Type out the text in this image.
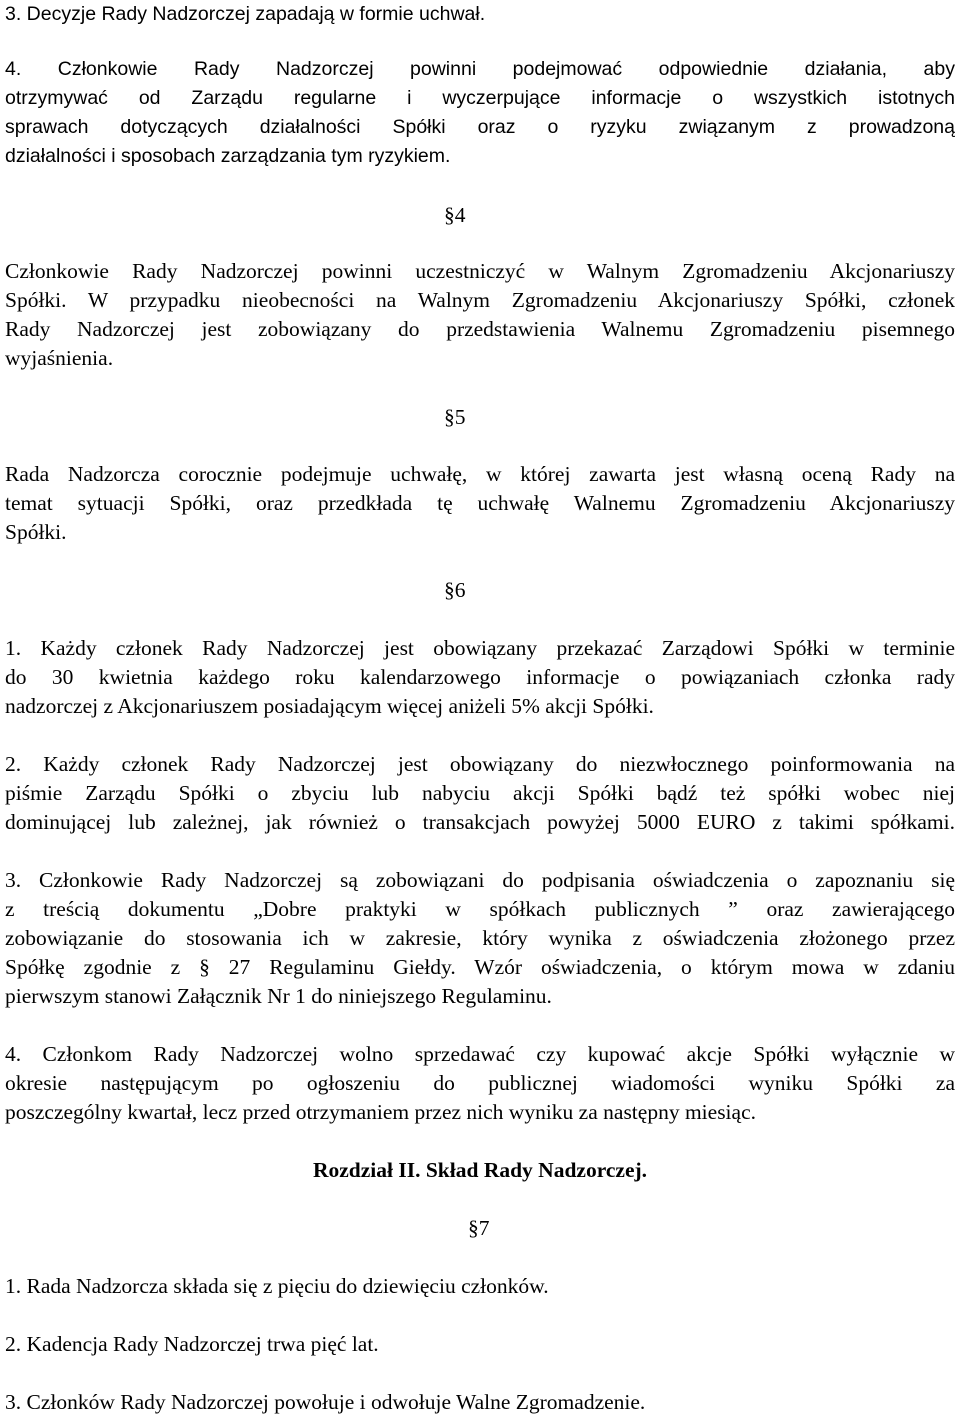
3. Decyzje Rady Nadzorczej zapadają w formie uchwał.
4. Członkowie Rady Nadzorczej powinni podejmować odpowiednie działania, aby
otrzymywać od Zarządu regularne i wyczerpujące informacje o wszystkich istotnych
sprawach dotyczących działalności Spółki oraz o ryzyku związanym z prowadzoną
działalności i sposobach zarządzania tym ryzykiem.
§4
Członkowie Rady Nadzorczej powinni uczestniczyć w Walnym Zgromadzeniu Akcjonariuszy
Spółki. W przypadku nieobecności na Walnym Zgromadzeniu Akcjonariuszy Spółki, członek
Rady Nadzorczej jest zobowiązany do przedstawienia Walnemu Zgromadzeniu pisemnego
wyjaśnienia.
§5
Rada Nadzorcza corocznie podejmuje uchwałę, w której zawarta jest własną oceną Rady na
temat sytuacji Spółki, oraz przedkłada tę uchwałę Walnemu Zgromadzeniu Akcjonariuszy
Spółki.
§6
1. Każdy członek Rady Nadzorczej jest obowiązany przekazać Zarządowi Spółki w terminie
do 30 kwietnia każdego roku kalendarzowego informacje o powiązaniach członka rady
nadzorczej z Akcjonariuszem posiadającym więcej aniżeli 5% akcji Spółki.
2. Każdy członek Rady Nadzorczej jest obowiązany do niezwłocznego poinformowania na
piśmie Zarządu Spółki o zbyciu lub nabyciu akcji Spółki bądź też spółki wobec niej
dominującej lub zależnej, jak również o transakcjach powyżej 5000 EURO z takimi spółkami.
3. Członkowie Rady Nadzorczej są zobowiązani do podpisania oświadczenia o zapoznaniu się
z treścią dokumentu „Dobre praktyki w spółkach publicznych ” oraz zawierającego
zobowiązanie do stosowania ich w zakresie, który wynika z oświadczenia złożonego przez
Spółkę zgodnie z § 27 Regulaminu Giełdy. Wzór oświadczenia, o którym mowa w zdaniu
pierwszym stanowi Załącznik Nr 1 do niniejszego Regulaminu.
4. Członkom Rady Nadzorczej wolno sprzedawać czy kupować akcje Spółki wyłącznie w
okresie następującym po ogłoszeniu do publicznej wiadomości wyniku Spółki za
poszczególny kwartał, lecz przed otrzymaniem przez nich wyniku za następny miesiąc.
Rozdział II. Skład Rady Nadzorczej.
§7
1. Rada Nadzorcza składa się z pięciu do dziewięciu członków.
2. Kadencja Rady Nadzorczej trwa pięć lat.
3. Członków Rady Nadzorczej powołuje i odwołuje Walne Zgromadzenie.
